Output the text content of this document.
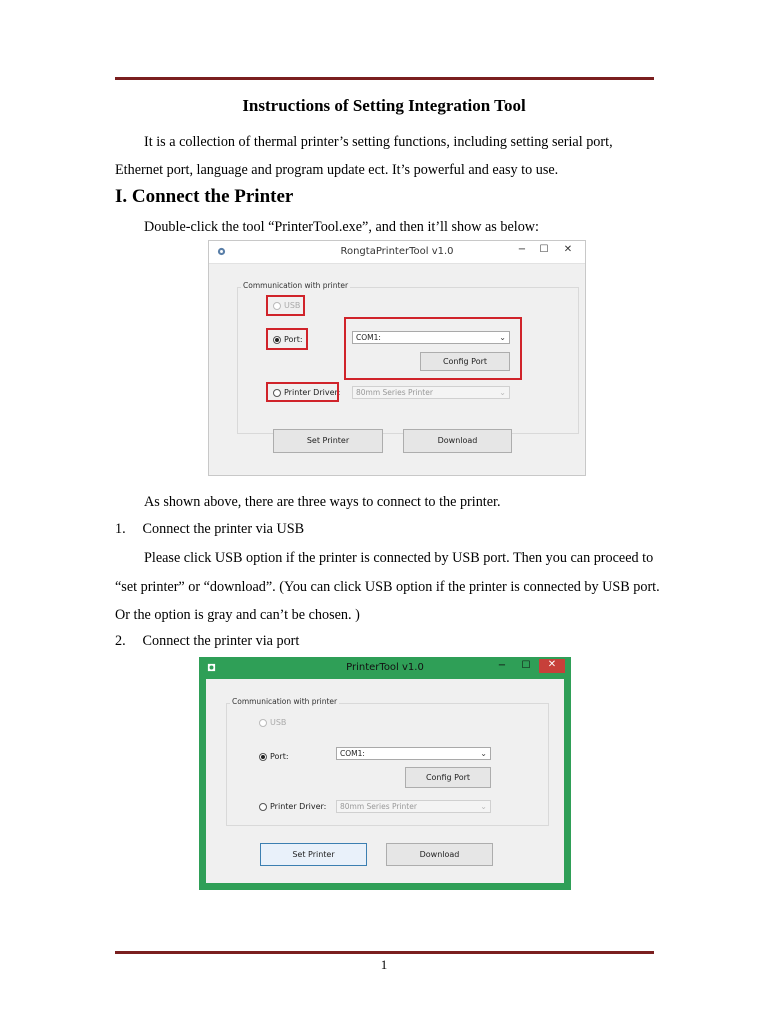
Instructions of Setting Integration Tool
It is a collection of thermal printer’s setting functions, including setting serial port, Ethernet port, language and program update ect. It’s powerful and easy to use.
I. Connect the Printer
Double-click the tool “PrinterTool.exe”, and then it’ll show as below:
RongtaPrinterTool v1.0	−	☐	✕
Communication with printer
USB
Port:	COM1:	⌄
Config Port
Printer Driver:	80mm Series Printer	⌄
Set Printer	Download
As shown above, there are three ways to connect to the printer.
1. Connect the printer via USB
Please click USB option if the printer is connected by USB port. Then you can proceed to “set printer” or “download”. (You can click USB option if the printer is connected by USB port. Or the option is gray and can’t be chosen. )
2. Connect the printer via port
PrinterTool v1.0	−	☐	✕
Communication with printer
USB
Port:	COM1:	⌄
Config Port
Printer Driver:	80mm Series Printer	⌄
Set Printer	Download
1
